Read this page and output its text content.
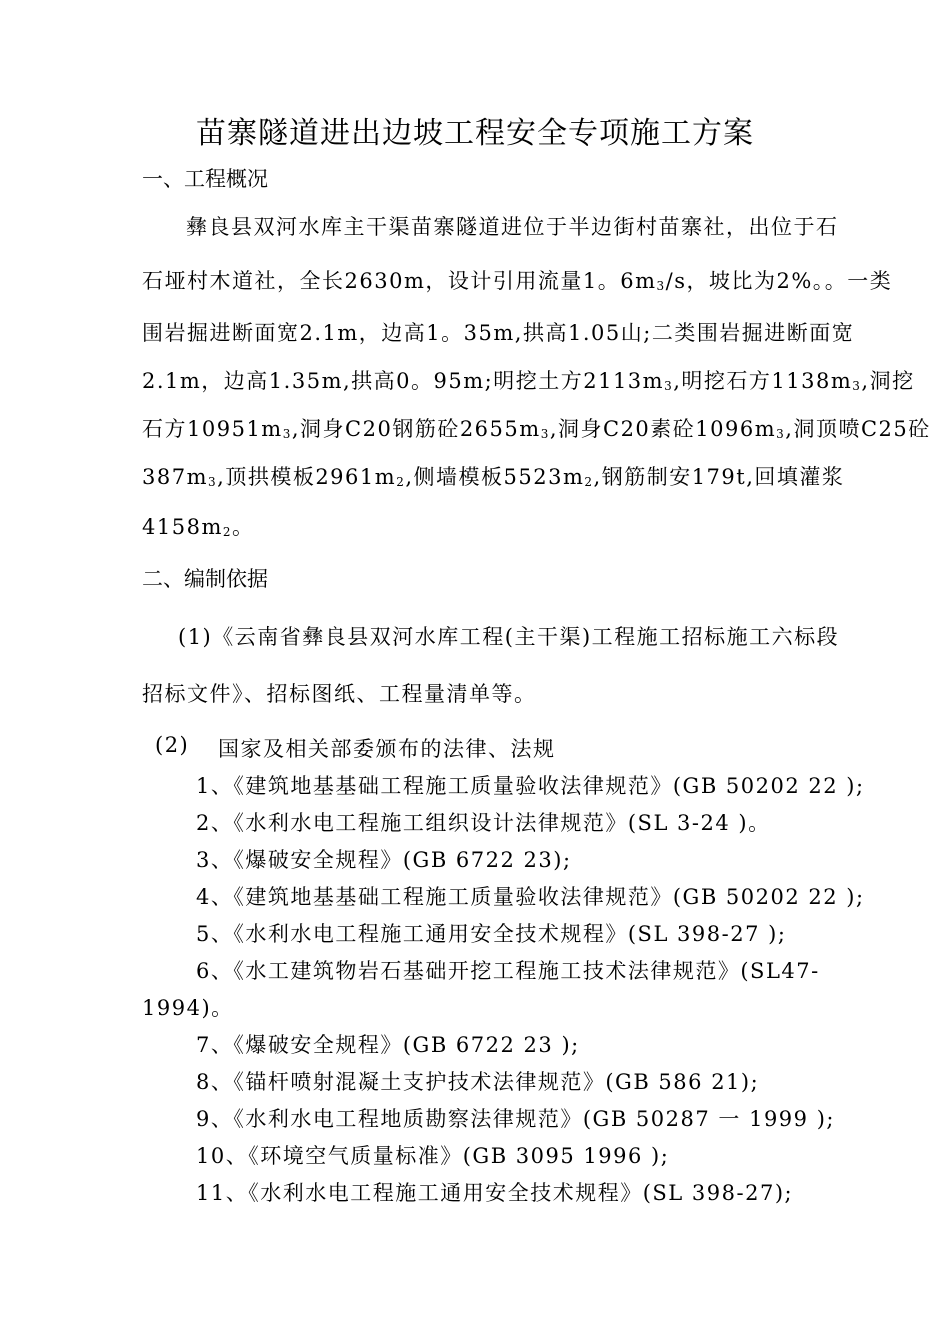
苗寨隧道进出边坡工程安全专项施工方案
一、工程概况
彝良县双河水库主干渠苗寨隧道进位于半边街村苗寨社，出位于石
石垭村木道社，全长2630m，设计引用流量1。$6m_3/s$，坡比为2%。。一类
围岩掘进断面宽2.1m，边高1。35m,拱高1.05山;二类围岩掘进断面宽
2.1m，边高1.35m,拱高0。95m;明挖土方$2113m_3$,明挖石方$1138m_3$,洞挖
石方$10951m_3$,洞身C20钢筋砼$2655m_3$,洞身C20素砼$1096m_3$,洞顶喷C25砼
$387m_3$,顶拱模板$2961m_2$,侧墙模板$5523m_2$,钢筋制安179t,回填灌浆
$4158m_2$。
二、编制依据
(1)《云南省彝良县双河水库工程(主干渠)工程施工招标施工六标段
招标文件》、招标图纸、工程量清单等。
(2) 国家及相关部委颁布的法律、法规
1、《建筑地基基础工程施工质量验收法律规范》(GB 50202 22 );
2、《水利水电工程施工组织设计法律规范》(SL 3-24 )。
3、《爆破安全规程》(GB 6722 23);
4、《建筑地基基础工程施工质量验收法律规范》(GB 50202 22 );
5、《水利水电工程施工通用安全技术规程》(SL 398-27 );
6、《水工建筑物岩石基础开挖工程施工技术法律规范》(SL47-
1994)。
7、《爆破安全规程》(GB 6722 23 );
8、《锚杆喷射混凝土支护技术法律规范》(GB 586 21);
9、《水利水电工程地质勘察法律规范》(GB 50287 一 1999 );
10、《环境空气质量标准》(GB 3095 1996 );
11、《水利水电工程施工通用安全技术规程》(SL 398-27);
